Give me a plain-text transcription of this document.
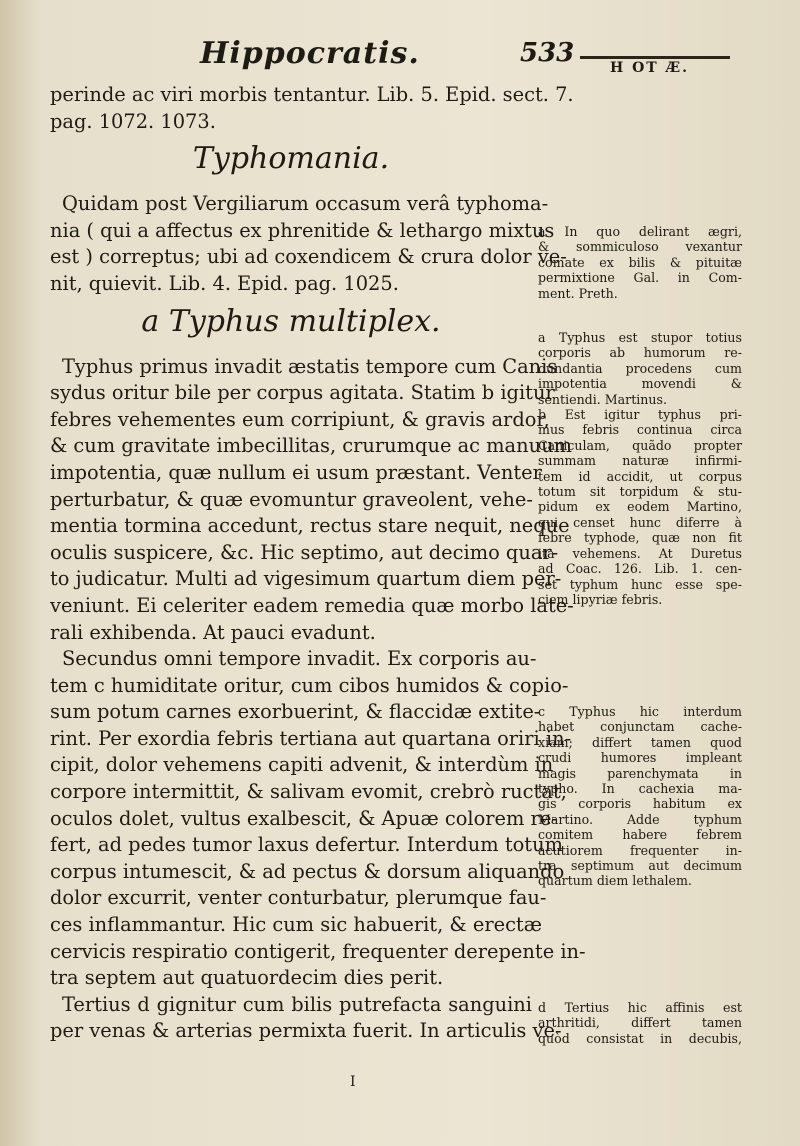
Hippocratis.	533	H OT Æ.
perinde ac viri morbis tentantur. Lib. 5. Epid. sect. 7.
pag. 1072. 1073.
Typhomania.
Quidam post Vergiliarum occasum verâ typhoma-
nia ( qui a affectus ex phrenitide & lethargo mixtus
est ) correptus; ubi ad coxendicem & crura dolor ve-
nit, quievit. Lib. 4. Epid. pag. 1025.
a Typhus multiplex.
Typhus primus invadit æstatis tempore cum Canis
sydus oritur bile per corpus agitata. Statim b igitur
febres vehementes eum corripiunt, & gravis ardor,
& cum gravitate imbecillitas, crurumque ac manuum
impotentia, quæ nullum ei usum præstant. Venter
perturbatur, & quæ evomuntur graveolent, vehe-
mentia tormina accedunt, rectus stare nequit, neque
oculis suspicere, &c. Hic septimo, aut decimo quar-
to judicatur. Multi ad vigesimum quartum diem per-
veniunt. Ei celeriter eadem remedia quæ morbo late-
rali exhibenda. At pauci evadunt.
Secundus omni tempore invadit. Ex corporis au-
tem c humiditate oritur, cum cibos humidos & copio-
sum potum carnes exorbuerint, & flaccidæ extite-
rint. Per exordia febris tertiana aut quartana oriri in-
cipit, dolor vehemens capiti advenit, & interdùm in
corpore intermittit, & salivam evomit, crebrò ructat,
oculos dolet, vultus exalbescit, & Apuæ colorem re-
fert, ad pedes tumor laxus defertur. Interdum totum
corpus intumescit, & ad pectus & dorsum aliquando
dolor excurrit, venter conturbatur, plerumque fau-
ces inflammantur. Hic cum sic habuerit, & erectæ
cervicis respiratio contigerit, frequenter derepente in-
tra septem aut quatuordecim dies perit.
Tertius d gignitur cum bilis putrefacta sanguini
per venas & arterias permixta fuerit. In articulis ve-
a In quo delirant ægri,
& sommiculoso vexantur
comate ex bilis & pituitæ
permixtione Gal. in Com-
ment. Preth.
a Typhus est stupor totius
corporis ab humorum re-
dundantia procedens cum
impotentia movendi &
sentiendi. Martinus.
b Est igitur typhus pri-
mus febris continua circa
Caniculam, quãdo propter
summam naturæ infirmi-
tem id accidit, ut corpus
totum sit torpidum & stu-
pidum ex eodem Martino,
qui censet hunc diferre à
febre typhode, quæ non fit
ita vehemens. At Duretus
ad Coac. 126. Lib. 1. cen-
set typhum hunc esse spe-
ciem lipyriæ febris.
c Typhus hic interdum
habet conjunctam cache-
xiam; differt tamen quod
crudi humores impleant
magis parenchymata in
typho. In cachexia ma-
gis corporis habitum ex
Martino. Adde typhum
comitem habere febrem
acutiorem frequenter in-
tra septimum aut decimum
quartum diem lethalem.
d Tertius hic affinis est
arthritidi, differt tamen
quòd consistat in decubis,
I
